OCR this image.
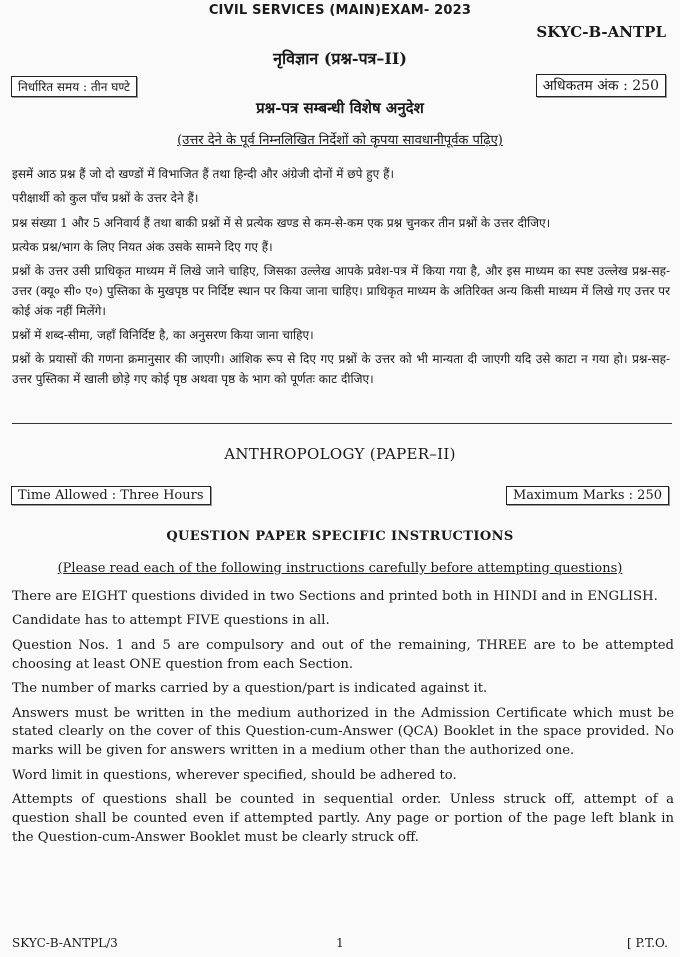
CIVIL SERVICES (MAIN)EXAM- 2023
SKYC-B-ANTPL
नृविज्ञान (प्रश्न-पत्र–II)
निर्धारित समय : तीन घण्टे	अधिकतम अंक : 250
प्रश्न-पत्र सम्बन्धी विशेष अनुदेश
(उत्तर देने के पूर्व निम्नलिखित निर्देशों को कृपया सावधानीपूर्वक पढ़िए)

इसमें आठ प्रश्न हैं जो दो खण्डों में विभाजित हैं तथा हिन्दी और अंग्रेजी दोनों में छपे हुए हैं।

परीक्षार्थी को कुल पाँच प्रश्नों के उत्तर देने हैं।

प्रश्न संख्या 1 और 5 अनिवार्य हैं तथा बाकी प्रश्नों में से प्रत्येक खण्ड से कम-से-कम एक प्रश्न चुनकर तीन प्रश्नों के उत्तर दीजिए।

प्रत्येक प्रश्न/भाग के लिए नियत अंक उसके सामने दिए गए हैं।

प्रश्नों के उत्तर उसी प्राधिकृत माध्यम में लिखे जाने चाहिए, जिसका उल्लेख आपके प्रवेश-पत्र में किया गया है, और इस माध्यम का स्पष्ट उल्लेख प्रश्न-सह-उत्तर (क्यू० सी० ए०) पुस्तिका के मुखपृष्ठ पर निर्दिष्ट स्थान पर किया जाना चाहिए। प्राधिकृत माध्यम के अतिरिक्त अन्य किसी माध्यम में लिखे गए उत्तर पर कोई अंक नहीं मिलेंगे।

प्रश्नों में शब्द-सीमा, जहाँ विनिर्दिष्ट है, का अनुसरण किया जाना चाहिए।

प्रश्नों के प्रयासों की गणना क्रमानुसार की जाएगी। आंशिक रूप से दिए गए प्रश्नों के उत्तर को भी मान्यता दी जाएगी यदि उसे काटा न गया हो। प्रश्न-सह-उत्तर पुस्तिका में खाली छोड़े गए कोई पृष्ठ अथवा पृष्ठ के भाग को पूर्णतः काट दीजिए।

ANTHROPOLOGY (PAPER–II)
Time Allowed : Three Hours	Maximum Marks : 250
QUESTION PAPER SPECIFIC INSTRUCTIONS
(Please read each of the following instructions carefully before attempting questions)

There are EIGHT questions divided in two Sections and printed both in HINDI and in ENGLISH.

Candidate has to attempt FIVE questions in all.

Question Nos. 1 and 5 are compulsory and out of the remaining, THREE are to be attempted choosing at least ONE question from each Section.

The number of marks carried by a question/part is indicated against it.

Answers must be written in the medium authorized in the Admission Certificate which must be stated clearly on the cover of this Question-cum-Answer (QCA) Booklet in the space provided. No marks will be given for answers written in a medium other than the authorized one.

Word limit in questions, wherever specified, should be adhered to.

Attempts of questions shall be counted in sequential order. Unless struck off, attempt of a question shall be counted even if attempted partly. Any page or portion of the page left blank in the Question-cum-Answer Booklet must be clearly struck off.

SKYC-B-ANTPL/3	1	[ P.T.O.
